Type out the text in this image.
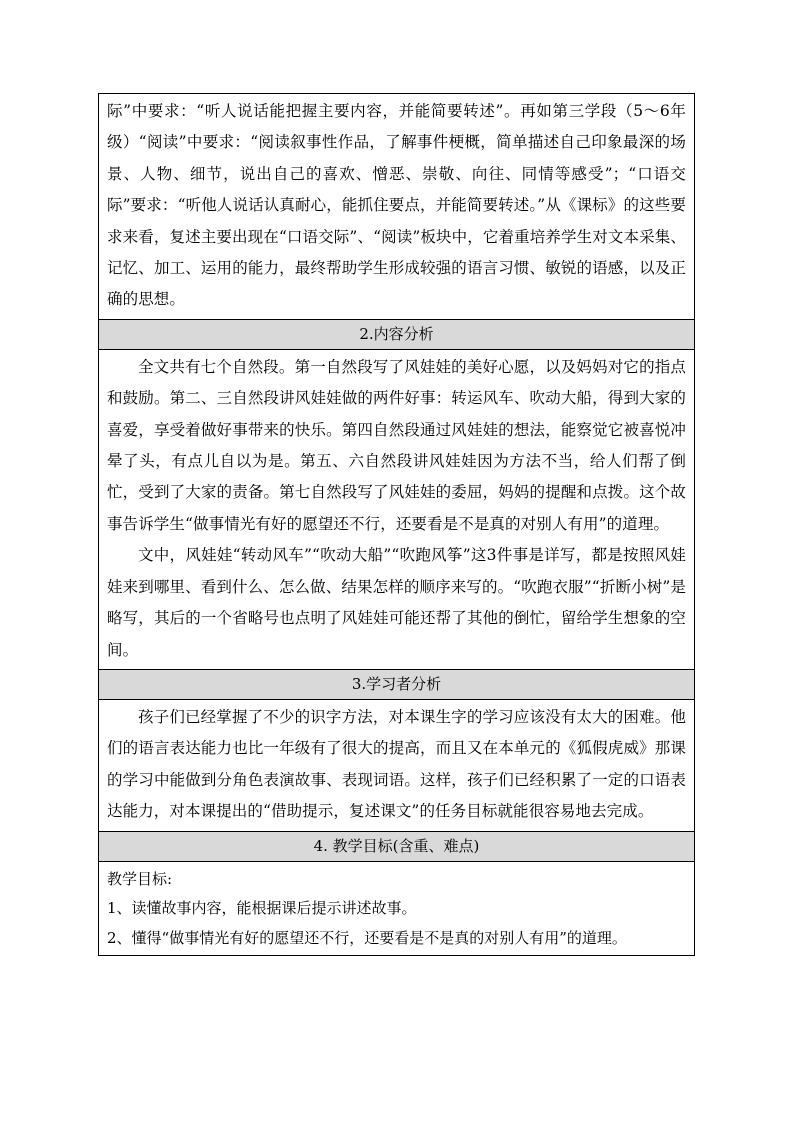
际”中要求：“听人说话能把握主要内容，并能简要转述”。再如第三学段（5～6年级）“阅读”中要求：“阅读叙事性作品，了解事件梗概，简单描述自己印象最深的场景、人物、细节，说出自己的喜欢、憎恶、崇敬、向往、同情等感受”；“口语交际”要求：“听他人说话认真耐心，能抓住要点，并能简要转述。”从《课标》的这些要求来看，复述主要出现在“口语交际”、“阅读”板块中，它着重培养学生对文本采集、记忆、加工、运用的能力，最终帮助学生形成较强的语言习惯、敏锐的语感，以及正确的思想。

2.内容分析

全文共有七个自然段。第一自然段写了风娃娃的美好心愿，以及妈妈对它的指点和鼓励。第二、三自然段讲风娃娃做的两件好事：转运风车、吹动大船，得到大家的喜爱，享受着做好事带来的快乐。第四自然段通过风娃娃的想法，能察觉它被喜悦冲晕了头，有点儿自以为是。第五、六自然段讲风娃娃因为方法不当，给人们帮了倒忙，受到了大家的责备。第七自然段写了风娃娃的委屈，妈妈的提醒和点拨。这个故事告诉学生“做事情光有好的愿望还不行，还要看是不是真的对别人有用”的道理。

文中，风娃娃“转动风车”“吹动大船”“吹跑风筝”这3件事是详写，都是按照风娃娃来到哪里、看到什么、怎么做、结果怎样的顺序来写的。“吹跑衣服”“折断小树”是略写，其后的一个省略号也点明了风娃娃可能还帮了其他的倒忙，留给学生想象的空间。

3.学习者分析

孩子们已经掌握了不少的识字方法，对本课生字的学习应该没有太大的困难。他们的语言表达能力也比一年级有了很大的提高，而且又在本单元的《狐假虎威》那课的学习中能做到分角色表演故事、表现词语。这样，孩子们已经积累了一定的口语表达能力，对本课提出的“借助提示，复述课文”的任务目标就能很容易地去完成。

4. 教学目标(含重、难点)

教学目标:

1、读懂故事内容，能根据课后提示讲述故事。

2、懂得“做事情光有好的愿望还不行，还要看是不是真的对别人有用”的道理。
